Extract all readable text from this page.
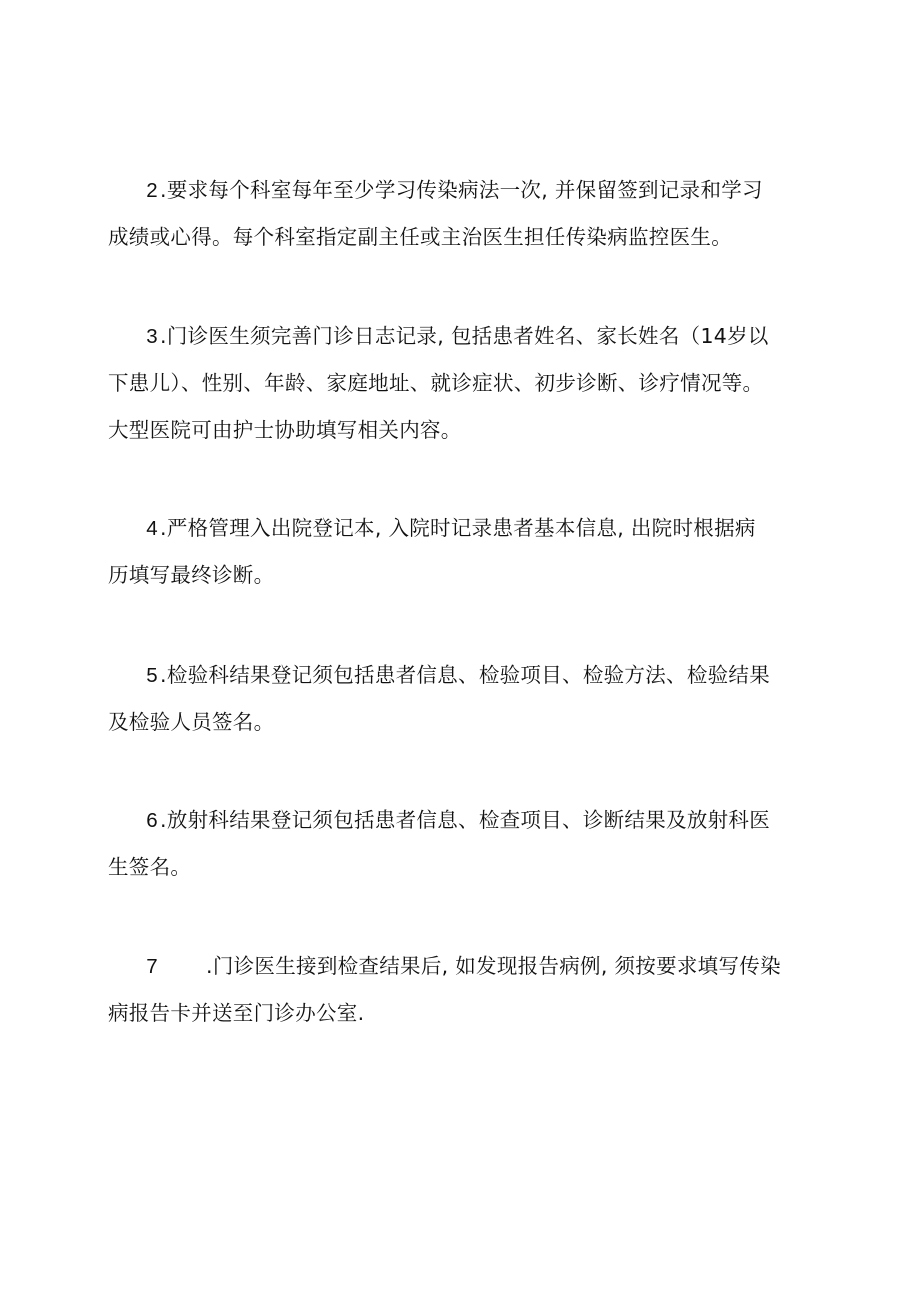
2.要求每个科室每年至少学习传染病法一次, 并保留签到记录和学习
成绩或心得。每个科室指定副主任或主治医生担任传染病监控医生。
3.门诊医生须完善门诊日志记录, 包括患者姓名、家长姓名（14岁以
下患儿）、性别、年龄、家庭地址、就诊症状、初步诊断、诊疗情况等。
大型医院可由护士协助填写相关内容。
4.严格管理入出院登记本, 入院时记录患者基本信息, 出院时根据病
历填写最终诊断。
5.检验科结果登记须包括患者信息、检验项目、检验方法、检验结果
及检验人员签名。
6.放射科结果登记须包括患者信息、检查项目、诊断结果及放射科医
生签名。
7 .门诊医生接到检查结果后, 如发现报告病例, 须按要求填写传染
病报告卡并送至门诊办公室.
